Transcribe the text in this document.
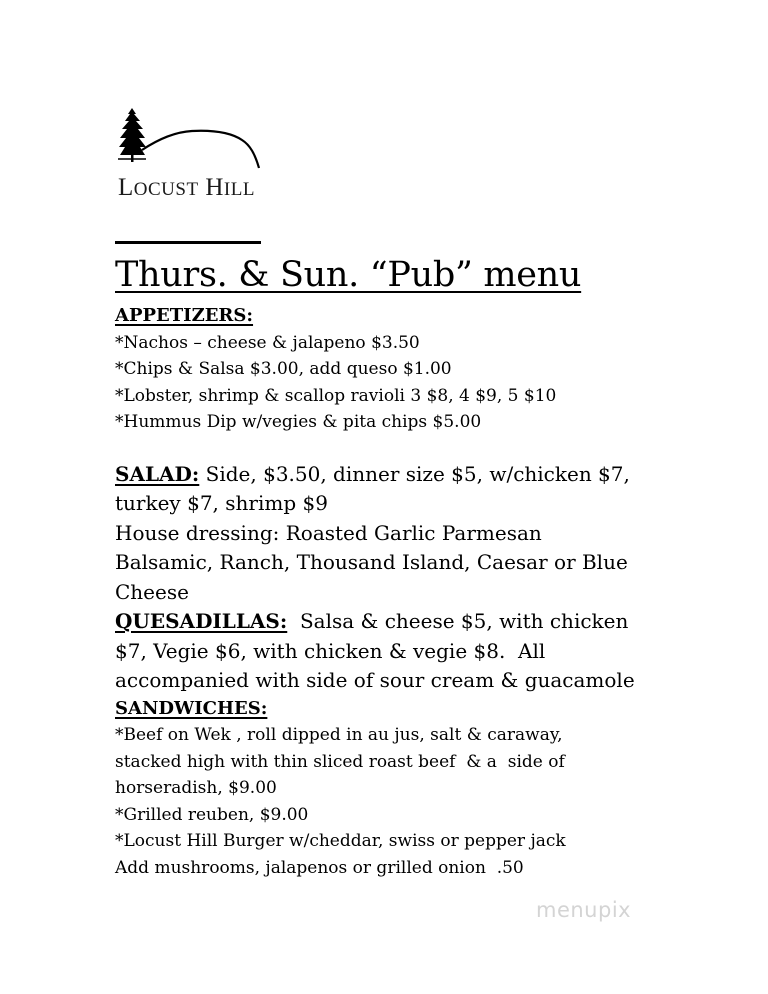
LOCUST HILL
Thurs. & Sun. “Pub” menu
APPETIZERS:
*Nachos – cheese & jalapeno $3.50
*Chips & Salsa $3.00, add queso $1.00
*Lobster, shrimp & scallop ravioli 3 $8, 4 $9, 5 $10
*Hummus Dip w/vegies & pita chips $5.00
SALAD: Side, $3.50, dinner size $5, w/chicken $7,
turkey $7, shrimp $9
House dressing: Roasted Garlic Parmesan
Balsamic, Ranch, Thousand Island, Caesar or Blue
Cheese
QUESADILLAS:  Salsa & cheese $5, with chicken
$7, Vegie $6, with chicken & vegie $8.  All
accompanied with side of sour cream & guacamole
SANDWICHES:
*Beef on Wek , roll dipped in au jus, salt & caraway,
stacked high with thin sliced roast beef  & a  side of
horseradish, $9.00
*Grilled reuben, $9.00
*Locust Hill Burger w/cheddar, swiss or pepper jack
Add mushrooms, jalapenos or grilled onion  .50
menupix
